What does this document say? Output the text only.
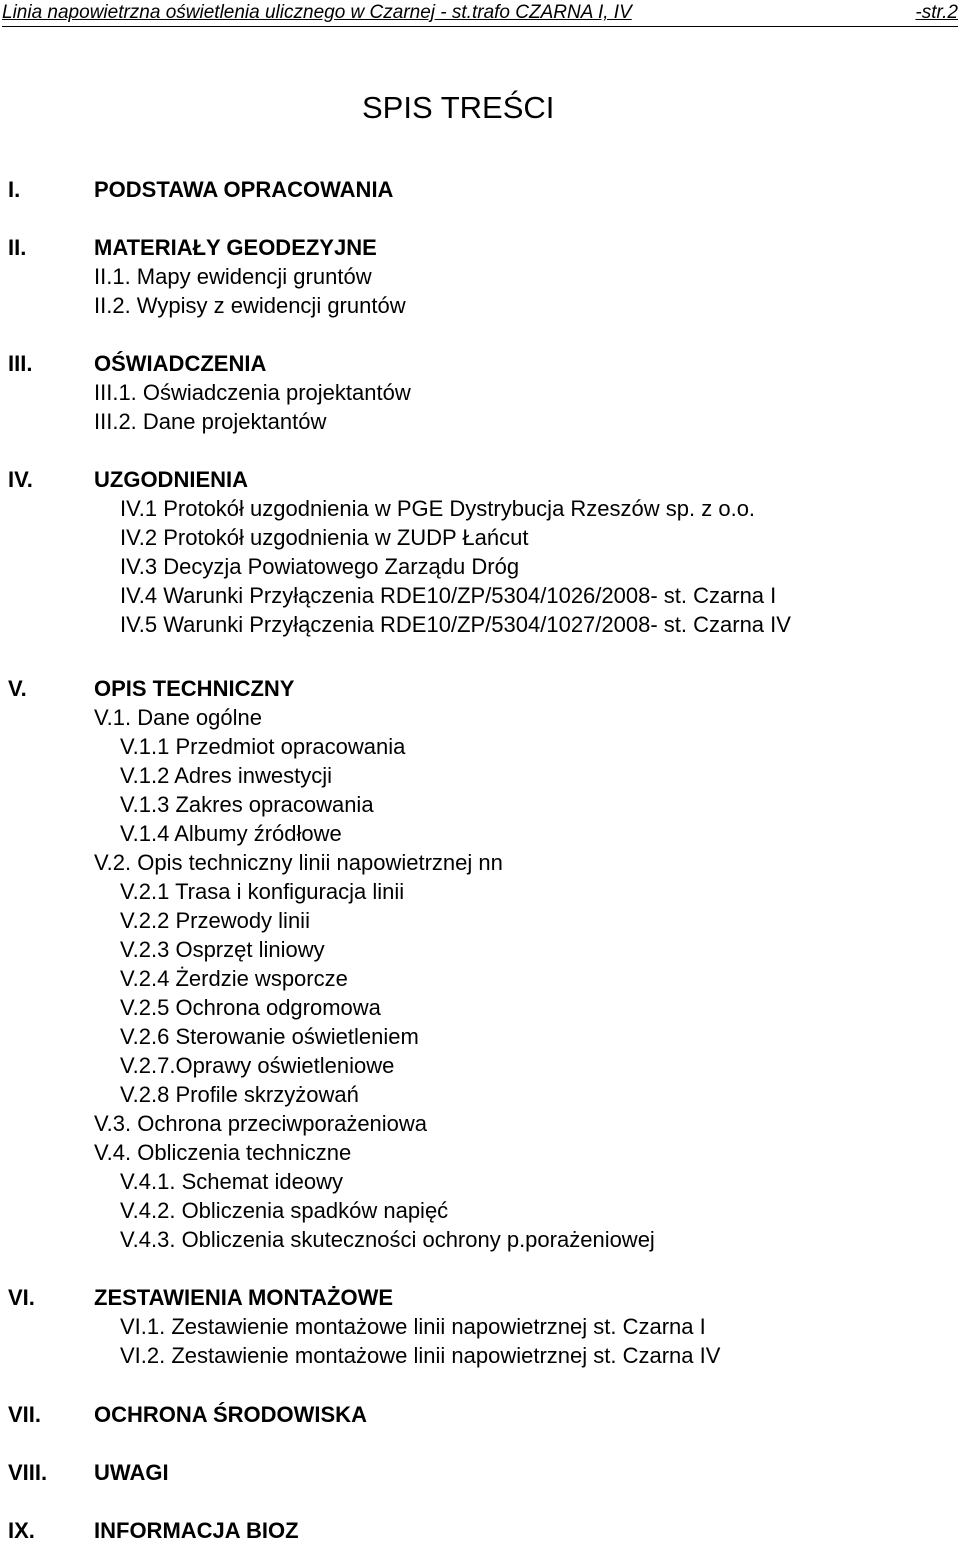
Linia napowietrzna oświetlenia ulicznego w Czarnej - st.trafo CZARNA I, IV	-str.2
SPIS TREŚCI
I.	PODSTAWA OPRACOWANIA
II.	MATERIAŁY GEODEZYJNE
II.1. Mapy ewidencji gruntów
II.2. Wypisy z ewidencji gruntów
III.	OŚWIADCZENIA
III.1. Oświadczenia projektantów
III.2. Dane projektantów
IV.	UZGODNIENIA
IV.1 Protokół uzgodnienia w PGE Dystrybucja Rzeszów sp. z o.o.
IV.2 Protokół uzgodnienia w ZUDP Łańcut
IV.3 Decyzja Powiatowego Zarządu Dróg
IV.4 Warunki Przyłączenia RDE10/ZP/5304/1026/2008- st. Czarna I
IV.5 Warunki Przyłączenia RDE10/ZP/5304/1027/2008- st. Czarna IV
V.	OPIS TECHNICZNY
V.1. Dane ogólne
V.1.1 Przedmiot opracowania
V.1.2 Adres inwestycji
V.1.3 Zakres opracowania
V.1.4 Albumy źródłowe
V.2. Opis techniczny linii napowietrznej nn
V.2.1 Trasa i konfiguracja linii
V.2.2 Przewody linii
V.2.3 Osprzęt liniowy
V.2.4 Żerdzie wsporcze
V.2.5 Ochrona odgromowa
V.2.6 Sterowanie oświetleniem
V.2.7.Oprawy oświetleniowe
V.2.8 Profile skrzyżowań
V.3. Ochrona przeciwporażeniowa
V.4. Obliczenia techniczne
V.4.1. Schemat ideowy
V.4.2. Obliczenia spadków napięć
V.4.3. Obliczenia skuteczności ochrony p.porażeniowej
VI.	ZESTAWIENIA MONTAŻOWE
VI.1. Zestawienie montażowe linii napowietrznej st. Czarna I
VI.2. Zestawienie montażowe linii napowietrznej st. Czarna IV
VII. OCHRONA ŚRODOWISKA
VIII. UWAGI
IX.	INFORMACJA BIOZ
